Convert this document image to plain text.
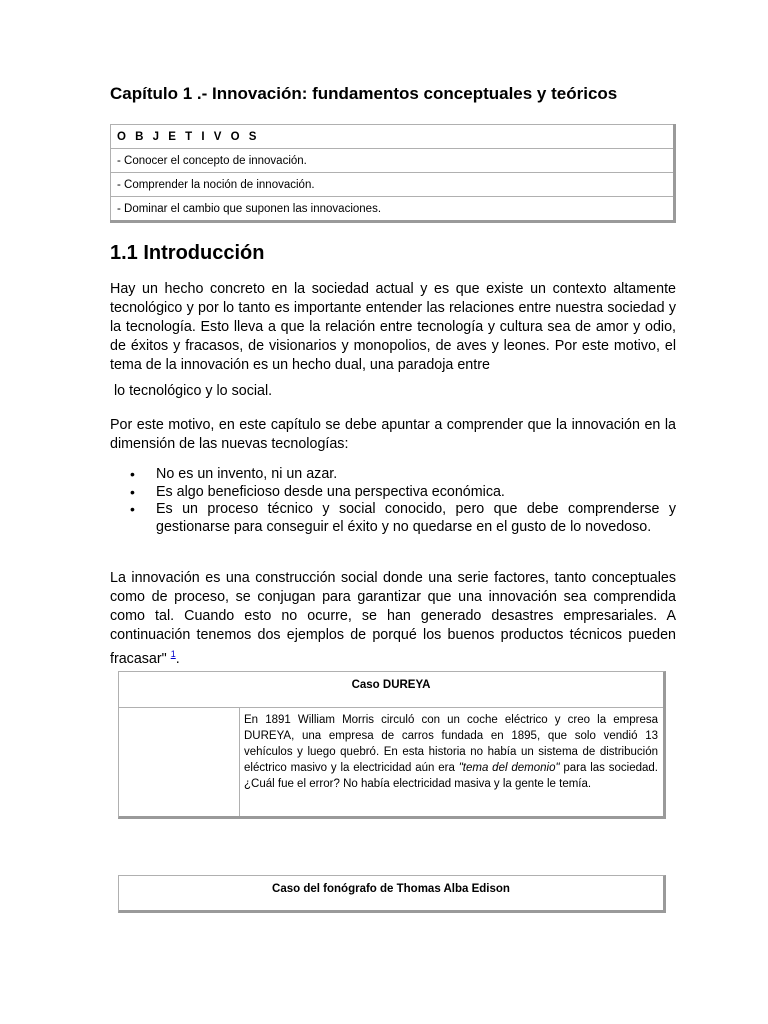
Capítulo 1 .- Innovación: fundamentos conceptuales y teóricos
O B J E T I V O S
- Conocer el concepto de innovación.
- Comprender la noción de innovación.
- Dominar el cambio que suponen las innovaciones.
1.1 Introducción

Hay un hecho concreto en la sociedad actual y es que existe un contexto altamente tecnológico y por lo tanto es importante entender las relaciones entre nuestra sociedad y la tecnología. Esto lleva a que la relación entre tecnología y cultura sea de amor y odio, de éxitos y fracasos, de visionarios y monopolios, de aves y leones. Por este motivo, el tema de la innovación es un hecho dual, una paradoja entre

lo tecnológico y lo social.

Por este motivo, en este capítulo se debe apuntar a comprender que la innovación en la dimensión de las nuevas tecnologías:

• No es un invento, ni un azar.
• Es algo beneficioso desde una perspectiva económica.
• Es un proceso técnico y social conocido, pero que debe comprenderse y gestionarse para conseguir el éxito y no quedarse en el gusto de lo novedoso.

La innovación es una construcción social donde una serie factores, tanto conceptuales como de proceso, se conjugan para garantizar que una innovación sea comprendida como tal. Cuando esto no ocurre, se han generado desastres empresariales. A continuación tenemos dos ejemplos de porqué los buenos productos técnicos pueden fracasar" $^1$.

Caso DUREYA

En 1891 William Morris circuló con un coche eléctrico y creo la empresa DUREYA, una empresa de carros fundada en 1895, que solo vendió 13 vehículos y luego quebró. En esta historia no había un sistema de distribución eléctrico masivo y la electricidad aún era "tema del demonio" para las sociedad. ¿Cuál fue el error? No había electricidad masiva y la gente le temía.

Caso del fonógrafo de Thomas Alba Edison
